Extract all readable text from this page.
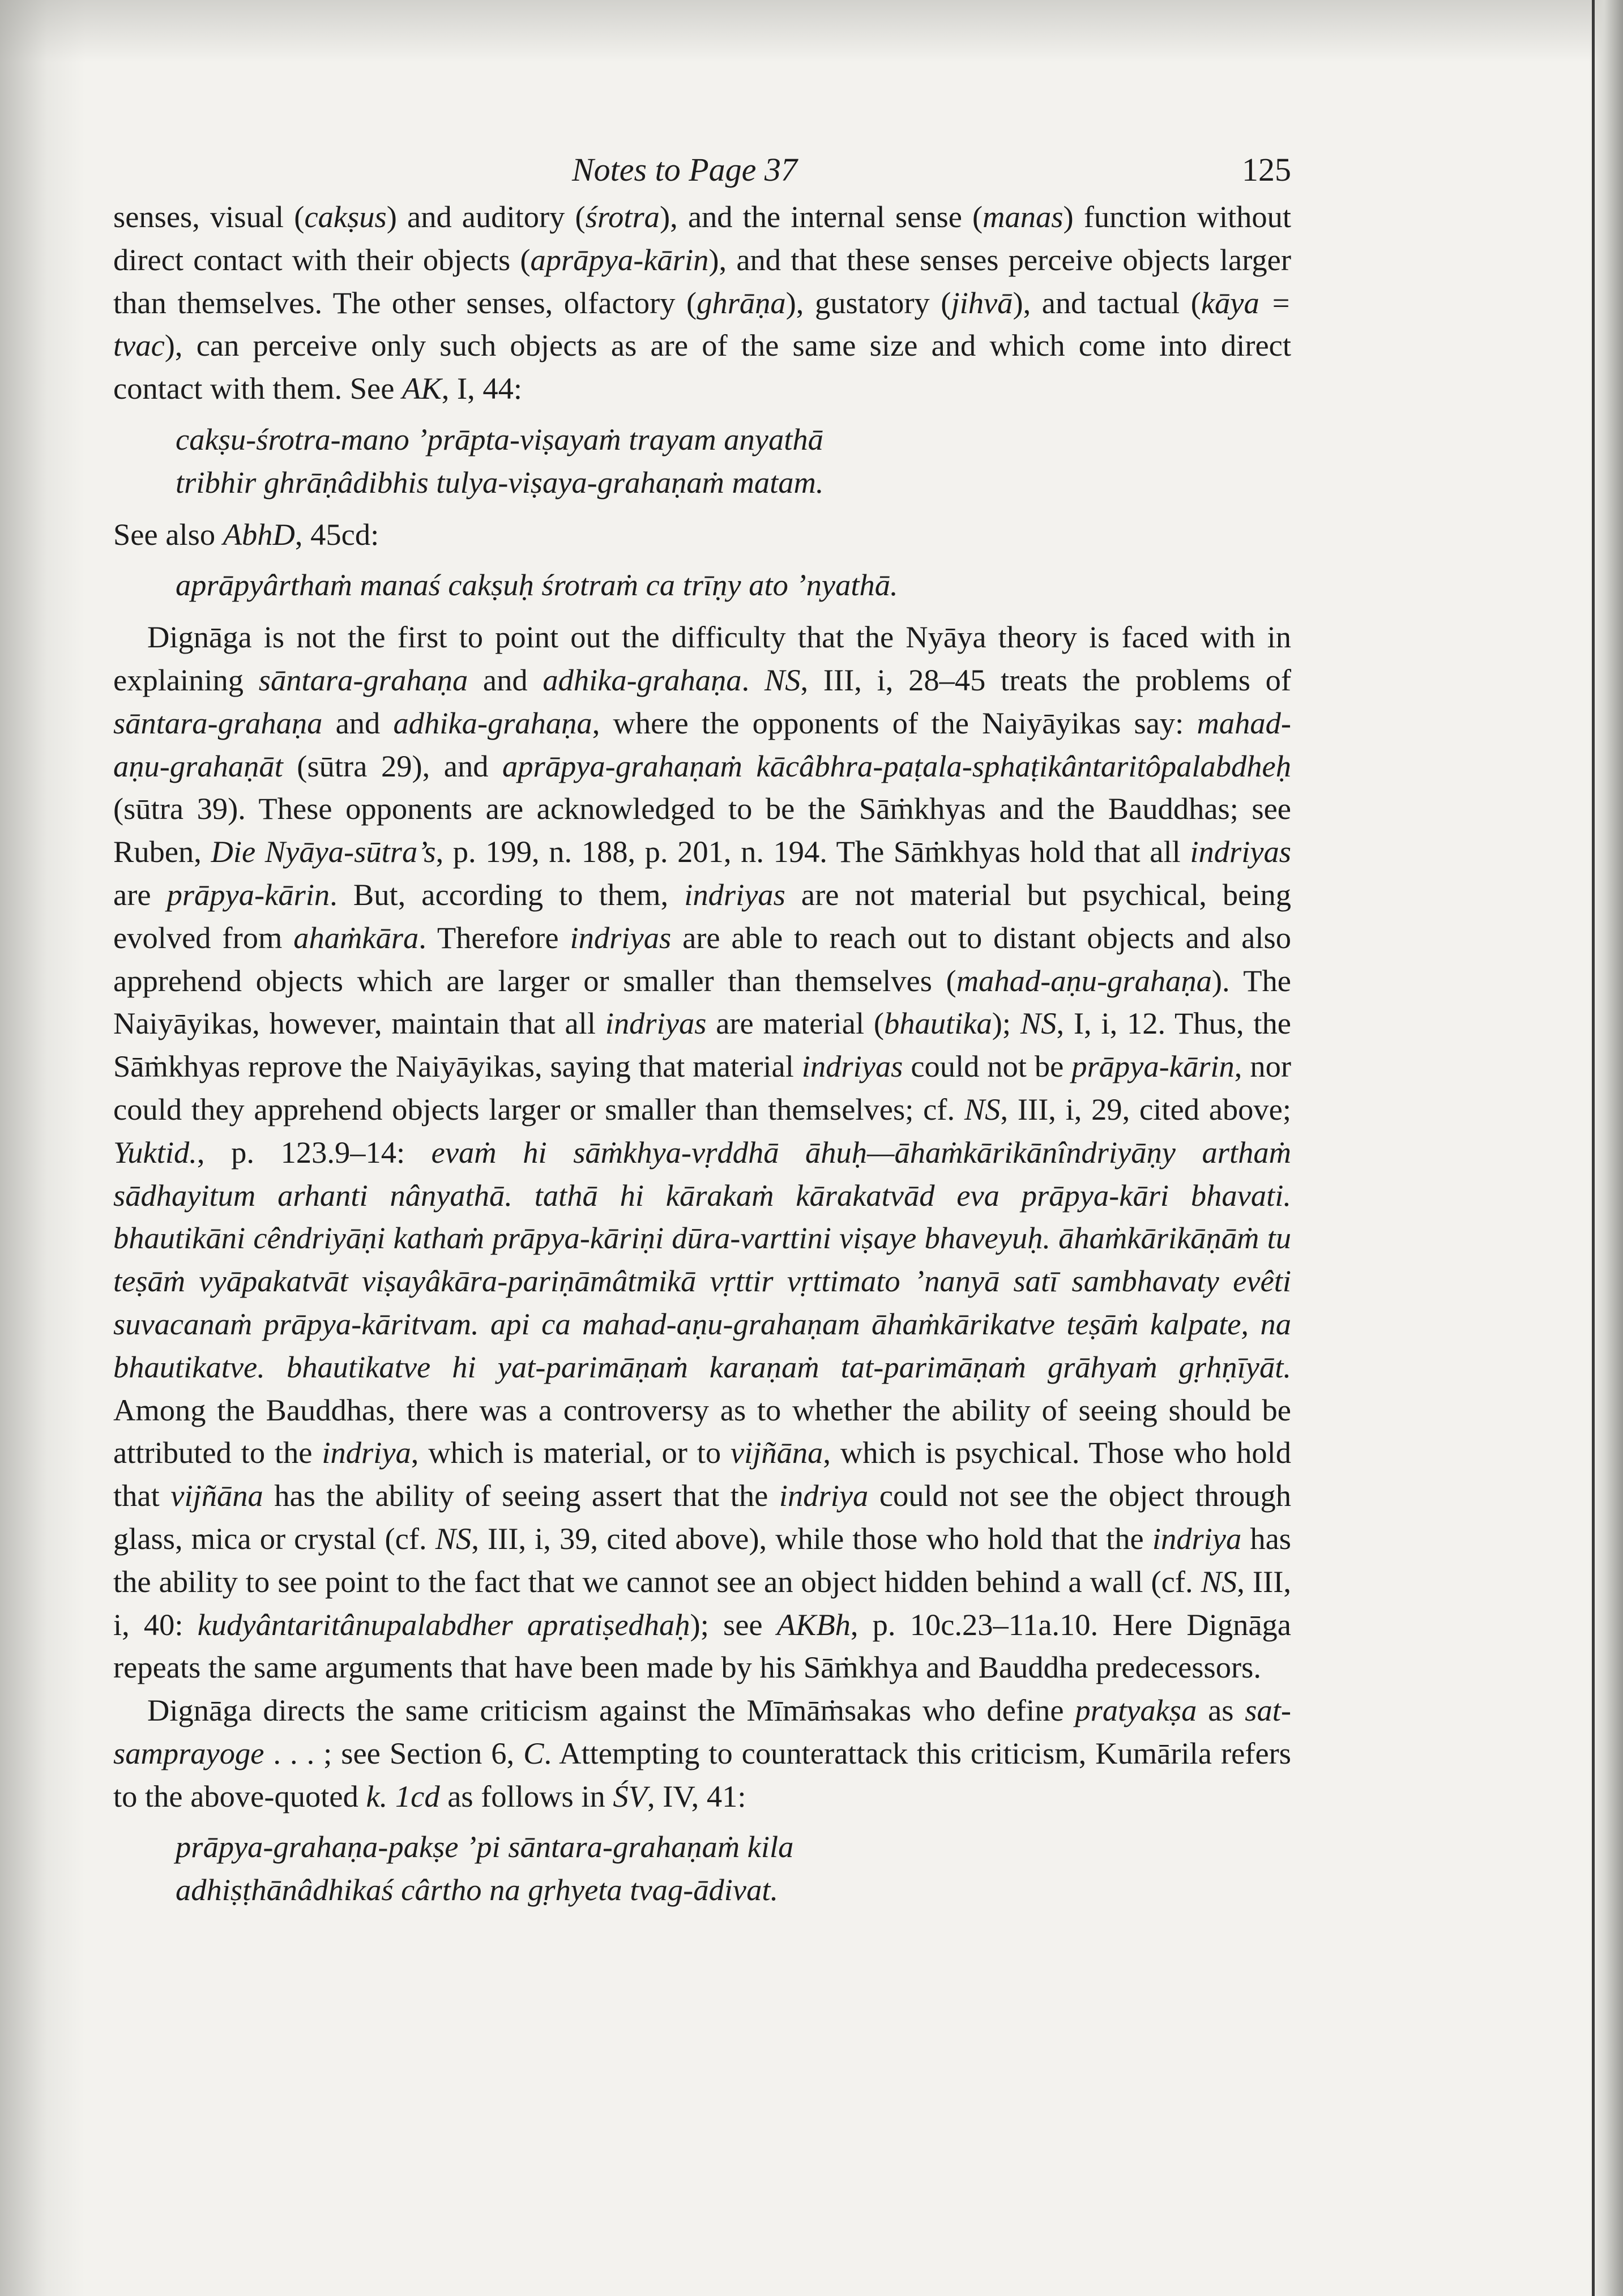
Notes to Page 37	125

senses, visual (cakṣus) and auditory (śrotra), and the internal sense (manas) function without direct contact with their objects (aprāpya-kārin), and that these senses perceive objects larger than themselves. The other senses, olfactory (ghrāṇa), gustatory (jihvā), and tactual (kāya = tvac), can perceive only such objects as are of the same size and which come into direct contact with them. See AK, I, 44:

cakṣu-śrotra-mano ’prāpta-viṣayaṁ trayam anyathā
tribhir ghrāṇâdibhis tulya-viṣaya-grahaṇaṁ matam.

See also AbhD, 45cd:

aprāpyârthaṁ manaś cakṣuḥ śrotraṁ ca trīṇy ato ’nyathā.

Dignāga is not the first to point out the difficulty that the Nyāya theory is faced with in explaining sāntara-grahaṇa and adhika-grahaṇa. NS, III, i, 28–45 treats the problems of sāntara-grahaṇa and adhika-grahaṇa, where the opponents of the Naiyāyikas say: mahad-aṇu-grahaṇāt (sūtra 29), and aprāpya-grahaṇaṁ kācâbhra-paṭala-sphaṭikântaritôpalabdheḥ (sūtra 39). These opponents are acknowledged to be the Sāṁkhyas and the Bauddhas; see Ruben, Die Nyāya-sūtra’s, p. 199, n. 188, p. 201, n. 194. The Sāṁkhyas hold that all indriyas are prāpya-kārin. But, according to them, indriyas are not material but psychical, being evolved from ahaṁkāra. Therefore indriyas are able to reach out to distant objects and also apprehend objects which are larger or smaller than themselves (mahad-aṇu-grahaṇa). The Naiyāyikas, however, maintain that all indriyas are material (bhautika); NS, I, i, 12. Thus, the Sāṁkhyas reprove the Naiyāyikas, saying that material indriyas could not be prāpya-kārin, nor could they apprehend objects larger or smaller than themselves; cf. NS, III, i, 29, cited above; Yuktid., p. 123.9–14: evaṁ hi sāṁkhya-vṛddhā āhuḥ—āhaṁkārikānîndriyāṇy arthaṁ sādhayitum arhanti nânyathā. tathā hi kārakaṁ kārakatvād eva prāpya-kāri bhavati. bhautikāni cêndriyāṇi kathaṁ prāpya-kāriṇi dūra-varttini viṣaye bhaveyuḥ. āhaṁkārikāṇāṁ tu teṣāṁ vyāpakatvāt viṣayâkāra-pariṇāmâtmikā vṛttir vṛttimato ’nanyā satī sambhavaty evêti suvacanaṁ prāpya-kāritvam. api ca mahad-aṇu-grahaṇam āhaṁkārikatve teṣāṁ kalpate, na bhautikatve. bhautikatve hi yat-parimāṇaṁ karaṇaṁ tat-parimāṇaṁ grāhyaṁ gṛhṇīyāt. Among the Bauddhas, there was a controversy as to whether the ability of seeing should be attributed to the indriya, which is material, or to vijñāna, which is psychical. Those who hold that vijñāna has the ability of seeing assert that the indriya could not see the object through glass, mica or crystal (cf. NS, III, i, 39, cited above), while those who hold that the indriya has the ability to see point to the fact that we cannot see an object hidden behind a wall (cf. NS, III, i, 40: kudyântaritânupalabdher apratiṣedhaḥ); see AKBh, p. 10c.23–11a.10. Here Dignāga repeats the same arguments that have been made by his Sāṁkhya and Bauddha predecessors.

Dignāga directs the same criticism against the Mīmāṁsakas who define pratyakṣa as sat-samprayoge . . . ; see Section 6, C. Attempting to counterattack this criticism, Kumārila refers to the above-quoted k. 1cd as follows in ŚV, IV, 41:

prāpya-grahaṇa-pakṣe ’pi sāntara-grahaṇaṁ kila
adhiṣṭhānâdhikaś cârtho na gṛhyeta tvag-ādivat.
